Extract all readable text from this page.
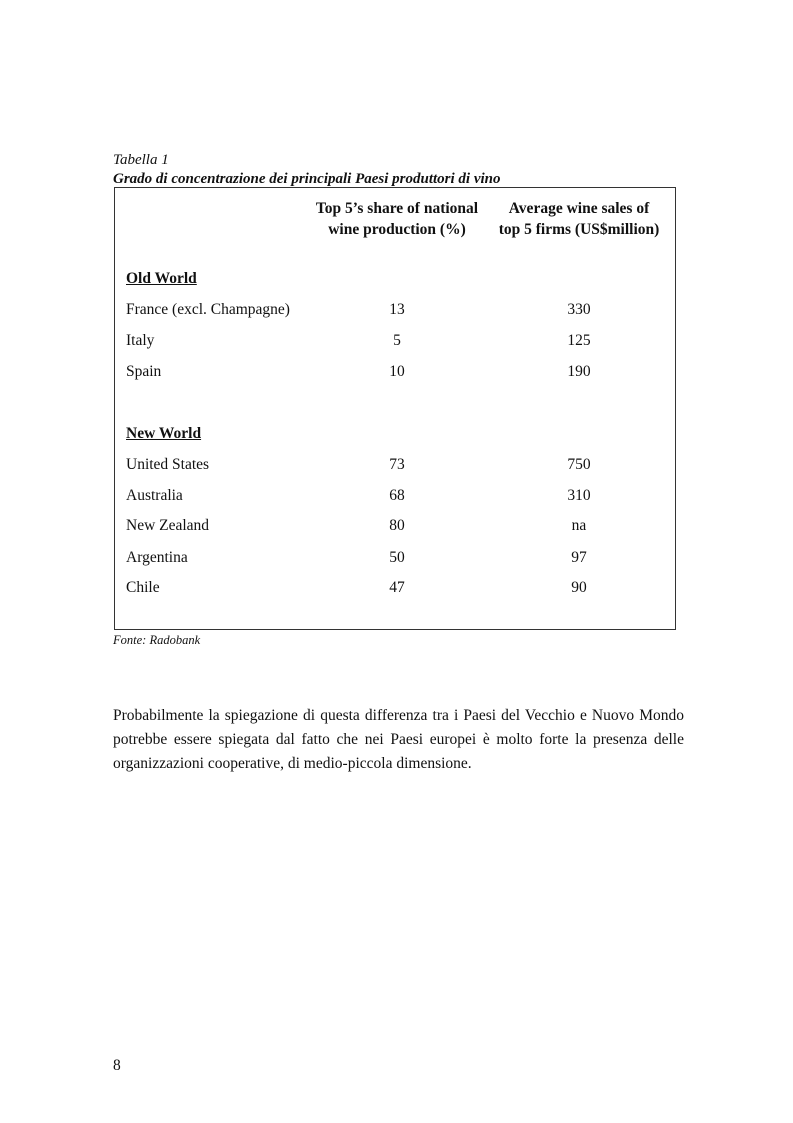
Tabella 1
Grado di concentrazione dei principali Paesi produttori di vino
Top 5’s share of national
wine production (%)
Average wine sales of
top 5 firms (US$million)
Old World
France (excl. Champagne)	13	330
Italy	5	125
Spain	10	190
New World
United States	73	750
Australia	68	310
New Zealand	80	na
Argentina	50	97
Chile	47	90
Fonte: Radobank
Probabilmente la spiegazione di questa differenza tra i Paesi del Vecchio e Nuovo Mondo potrebbe essere spiegata dal fatto che nei Paesi europei è molto forte la presenza delle organizzazioni cooperative, di medio-piccola dimensione.
8
